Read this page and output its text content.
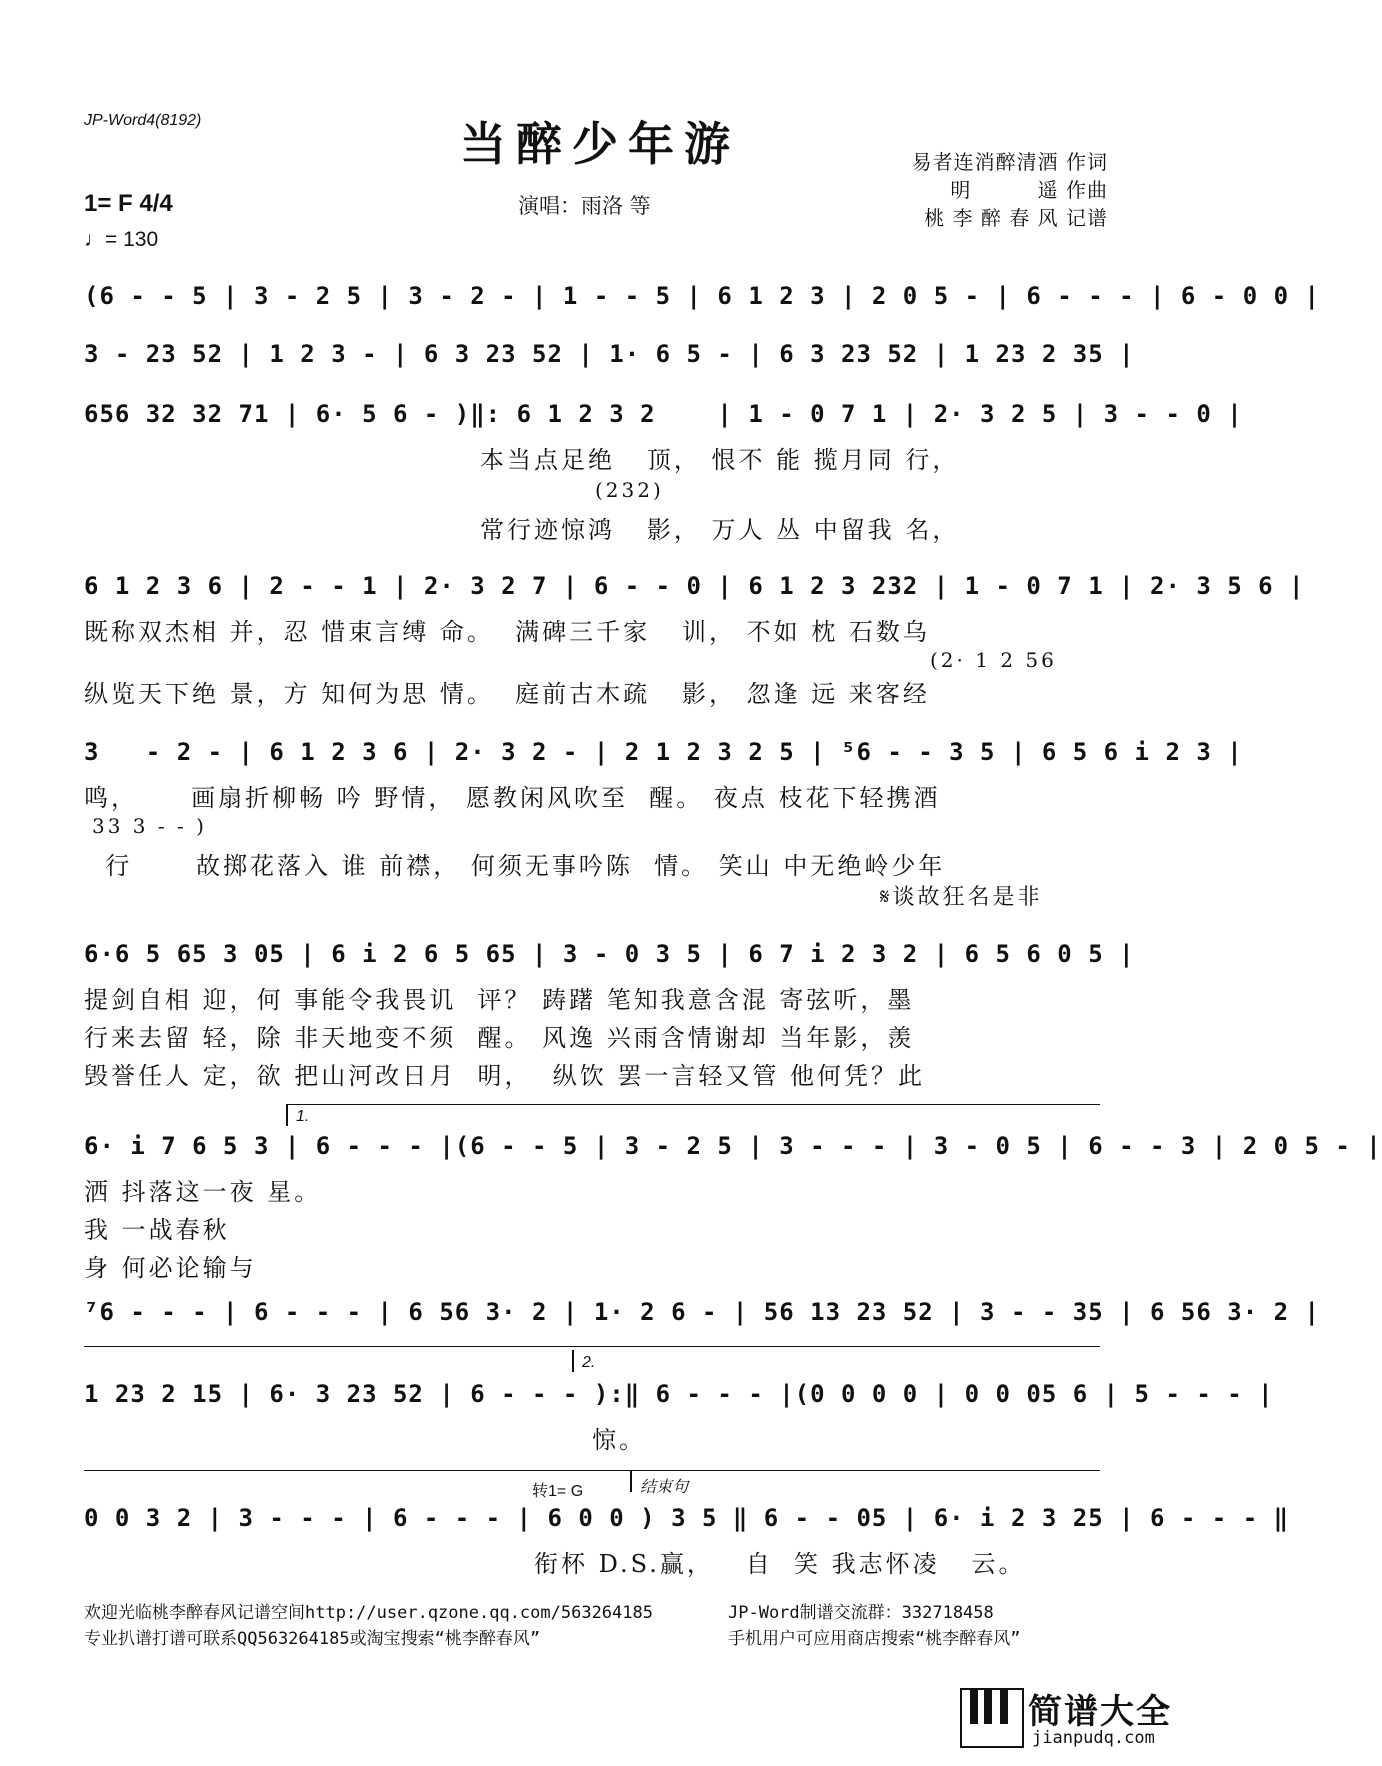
JP-Word4(8192)	当醉少年游
演唱：雨洛 等
易者连消醉清酒 作词
明         遥 作曲
桃 李 醉 春 风 记谱
1= F 4/4
♩= 130
(6 - - 5 | 3 - 2 5 | 3 - 2 - | 1 - - 5 | 6 1 2 3 | 2 0 5 - | 6 - - - | 6 - 0 0 |
3 - 23 52 | 1 2 3 - | 6 3 23 52 | 1· 6 5 - | 6 3 23 52 | 1 23 2 35 |
656 32 32 71 | 6· 5 6 - )‖: 6 1 2 3 2    | 1 - 0 7 1 | 2· 3 2 5 | 3 - - 0 |
本当点足绝   顶， 恨不 能 揽月同 行，
(232)
常行迹惊鸿   影， 万人 丛 中留我 名，
6 1 2 3 6 | 2 - - 1 | 2· 3 2 7 | 6 - - 0 | 6 1 2 3 232 | 1 - 0 7 1 | 2· 3 5 6 |
既称双杰相 并，忍 惜束言缚 命。  满碑三千家   训， 不如 枕 石数乌
(2· 1 2 56
纵览天下绝 景，方 知何为思 情。  庭前古木疏   影， 忽逢 远 来客经
3   - 2 - | 6 1 2 3 6 | 2· 3 2 - | 2 1 2 3 2 5 | ⁵6 - - 3 5 | 6 5 6 i 2 3 |
鸣，     画扇折柳畅 吟 野情， 愿教闲风吹至  醒。 夜点 枝花下轻携酒
33 3 - - )
行      故掷花落入 谁 前襟， 何须无事吟陈  情。 笑山 中无绝岭少年
𝄋谈故狂名是非
6·6 5 65 3 05 | 6 i 2 6 5 65 | 3 - 0 3 5 | 6 7 i 2 3 2 | 6 5 6 0 5 |
提剑自相 迎，何 事能令我畏讥  评？ 踌躇 笔知我意含混 寄弦听，墨
行来去留 轻，除 非天地变不须  醒。 风逸 兴雨含情谢却 当年影，羡
毁誉任人 定，欲 把山河改日月  明，  纵饮 罢一言轻又管 他何凭？此
1.
6· i 7 6 5 3 | 6 - - - |(6 - - 5 | 3 - 2 5 | 3 - - - | 3 - 0 5 | 6 - - 3 | 2 0 5 - |
洒 抖落这一夜 星。
我 一战春秋
身 何必论输与
⁷6 - - - | 6 - - - | 6 56 3· 2 | 1· 2 6 - | 56 13 23 52 | 3 - - 35 | 6 56 3· 2 |
2.
1 23 2 15 | 6· 3 23 52 | 6 - - - ):‖ 6 - - - |(0 0 0 0 | 0 0 05 6 | 5 - - - |
惊。
转1= G	结束句
0 0 3 2 | 3 - - - | 6 - - - | 6 0 0 ) 3 5 ‖ 6 - - 05 | 6· i 2 3 25 | 6 - - - ‖
衔杯 D.S.赢，   自  笑 我志怀凌   云。
欢迎光临桃李醉春风记谱空间http://user.qzone.qq.com/563264185
专业扒谱打谱可联系QQ563264185或淘宝搜索“桃李醉春风”
JP-Word制谱交流群：332718458
手机用户可应用商店搜索“桃李醉春风”
简谱大全
jianpudq.com
